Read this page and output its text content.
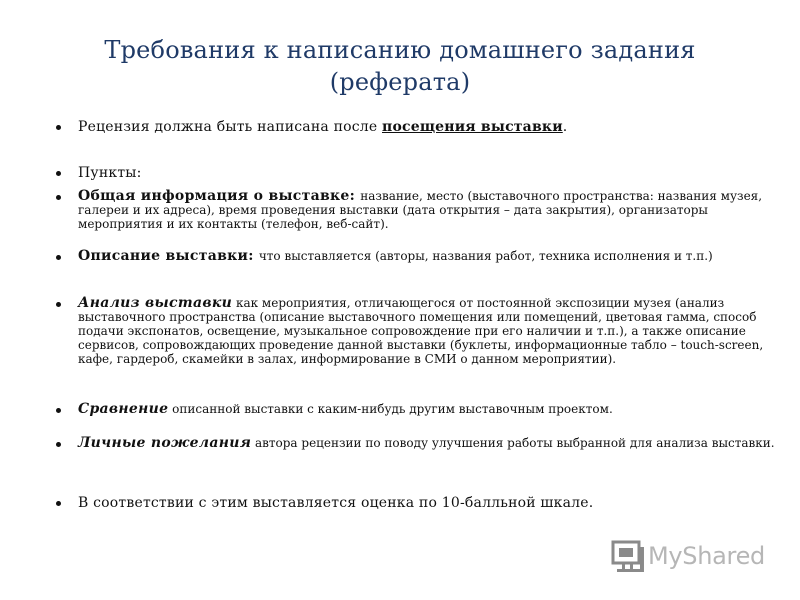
Требования к написанию домашнего задания
(реферата)
Рецензия должна быть написана после посещения выставки.
Пункты:
Общая информация о выставке: название, место (выставочного пространства: названия музея, галереи и их адреса), время проведения выставки (дата открытия – дата закрытия), организаторы мероприятия и их контакты (телефон, веб-сайт).
Описание выставки: что выставляется (авторы, названия работ, техника исполнения и т.п.)
Анализ выставки как мероприятия, отличающегося от постоянной экспозиции музея (анализ выставочного пространства (описание выставочного помещения или помещений, цветовая гамма, способ подачи экспонатов, освещение, музыкальное сопровождение при его наличии и т.п.), а также описание сервисов, сопровождающих проведение данной выставки (буклеты, информационные табло – touch-screen, кафе, гардероб, скамейки в залах, информирование в СМИ о данном мероприятии).
Сравнение описанной выставки с каким-нибудь другим выставочным проектом.
Личные пожелания автора рецензии по поводу улучшения работы выбранной для анализа выставки.
В соответствии с этим выставляется оценка по 10-балльной шкале.
MyShared
